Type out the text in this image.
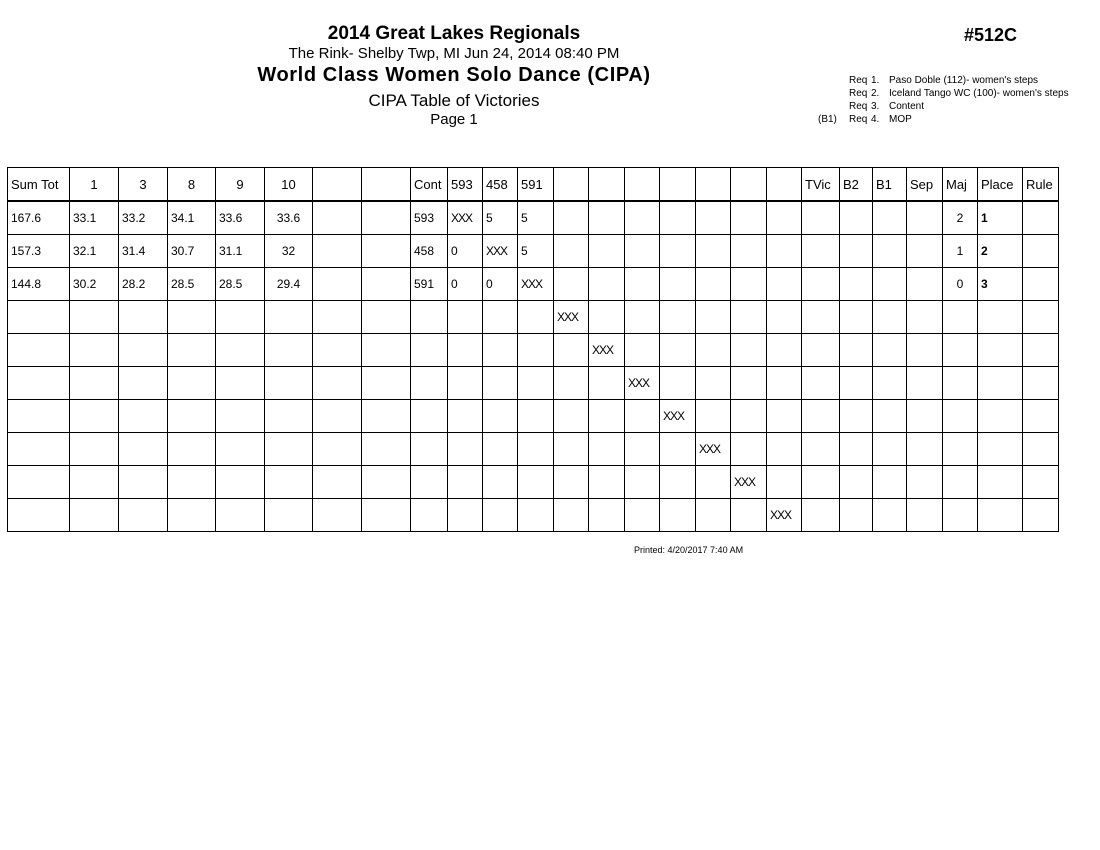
2014 Great Lakes Regionals
The Rink- Shelby Twp, MI Jun 24, 2014 08:40 PM
World Class Women Solo Dance (CIPA)
CIPA Table of Victories
Page 1
#512C
Req 1. Paso Doble (112)- women's steps
Req 2. Iceland Tango WC (100)- women's steps
Req 3. Content
(B1)	Req 4. MOP
Sum Tot	1	3	8	9	10			Cont	593	458	591								TVic	B2	B1	Sep	Maj	Place	Rule
167.6	33.1	33.2	34.1	33.6	33.6			593	XXX	5	5												2	1	
157.3	32.1	31.4	30.7	31.1	32			458	0	XXX	5												1	2	
144.8	30.2	28.2	28.5	28.5	29.4			591	0	0	XXX												0	3	
												XXX													
													XXX												
														XXX											
															XXX										
																XXX									
																	XXX								
																		XXX							
Printed: 4/20/2017 7:40 AM
